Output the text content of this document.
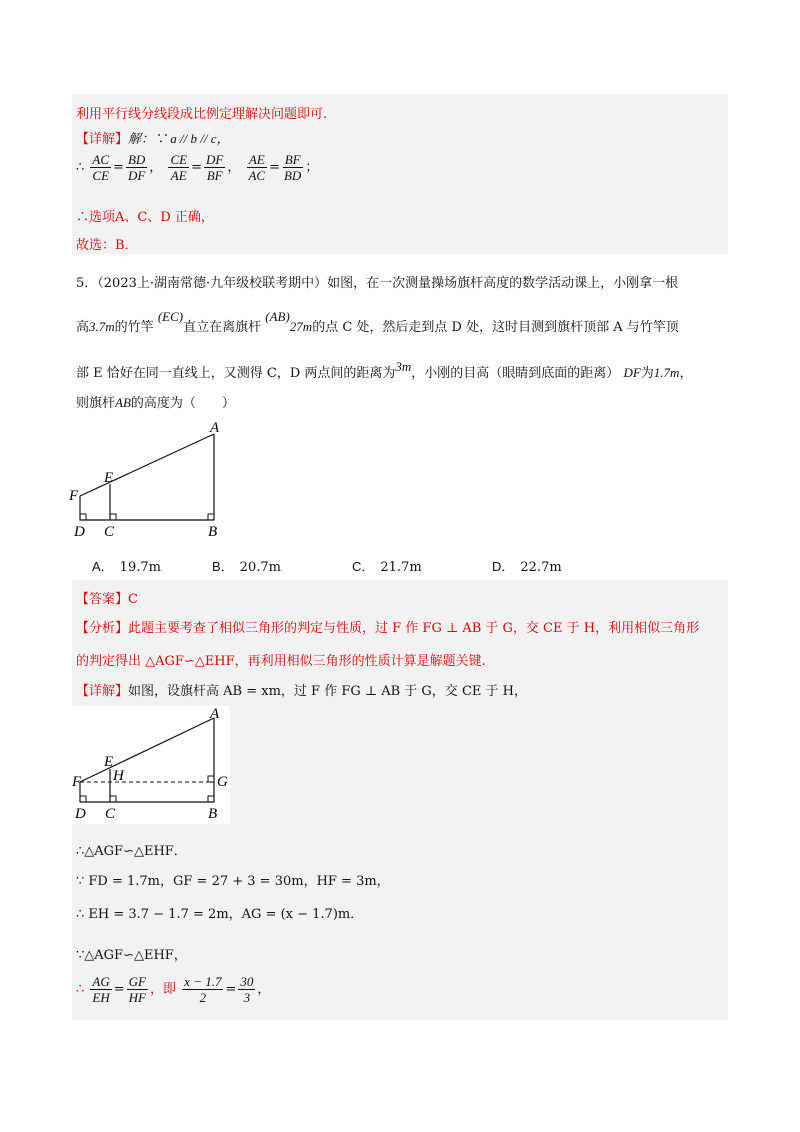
利用平行线分线段成比例定理解决问题即可.
【详解】解：∵ a // b // c，
∴ $\frac{AC}{CE} = \frac{BD}{DF}$ ， $\frac{CE}{AE} = \frac{DF}{BF}$ ， $\frac{AE}{AC} = \frac{BF}{BD}$ ；
∴选项A、C、D 正确，
故选：B．
5．（2023上·湖南常德·九年级校联考期中）如图，在一次测量操场旗杆高度的数学活动课上，小刚拿一根
高3.7m的竹竿 (EC)直立在离旗杆 (AB)27m的点 C 处，然后走到点 D 处，这时目测到旗杆顶部 A 与竹竿顶
部 E 恰好在同一直线上，又测得 C，D 两点间的距离为3m，小刚的目高（眼睛到底面的距离） DF为1.7m，
则旗杆AB的高度为（　　）
A
E
F
D C	B
A． 19.7m	B． 20.7m	C． 21.7m	D． 22.7m
【答案】C
【分析】此题主要考查了相似三角形的判定与性质，过 F 作 FG ⊥ AB 于 G，交 CE 于 H，利用相似三角形
的判定得出 △AGF∽△EHF，再利用相似三角形的性质计算是解题关键.
【详解】如图，设旗杆高 AB = xm，过 F 作 FG ⊥ AB 于 G，交 CE 于 H，
A
E
H
F	G
D C	B
∴△AGF∽△EHF．
∵ FD = 1.7m，GF = 27 + 3 = 30m，HF = 3m，
∴ EH = 3.7 − 1.7 = 2m，AG = (x − 1.7)m．
∵△AGF∽△EHF，
∴ $\frac{AG}{EH} = \frac{GF}{HF}$ ，即 $\frac{x - 1.7}{2} = \frac{30}{3}$ ，
